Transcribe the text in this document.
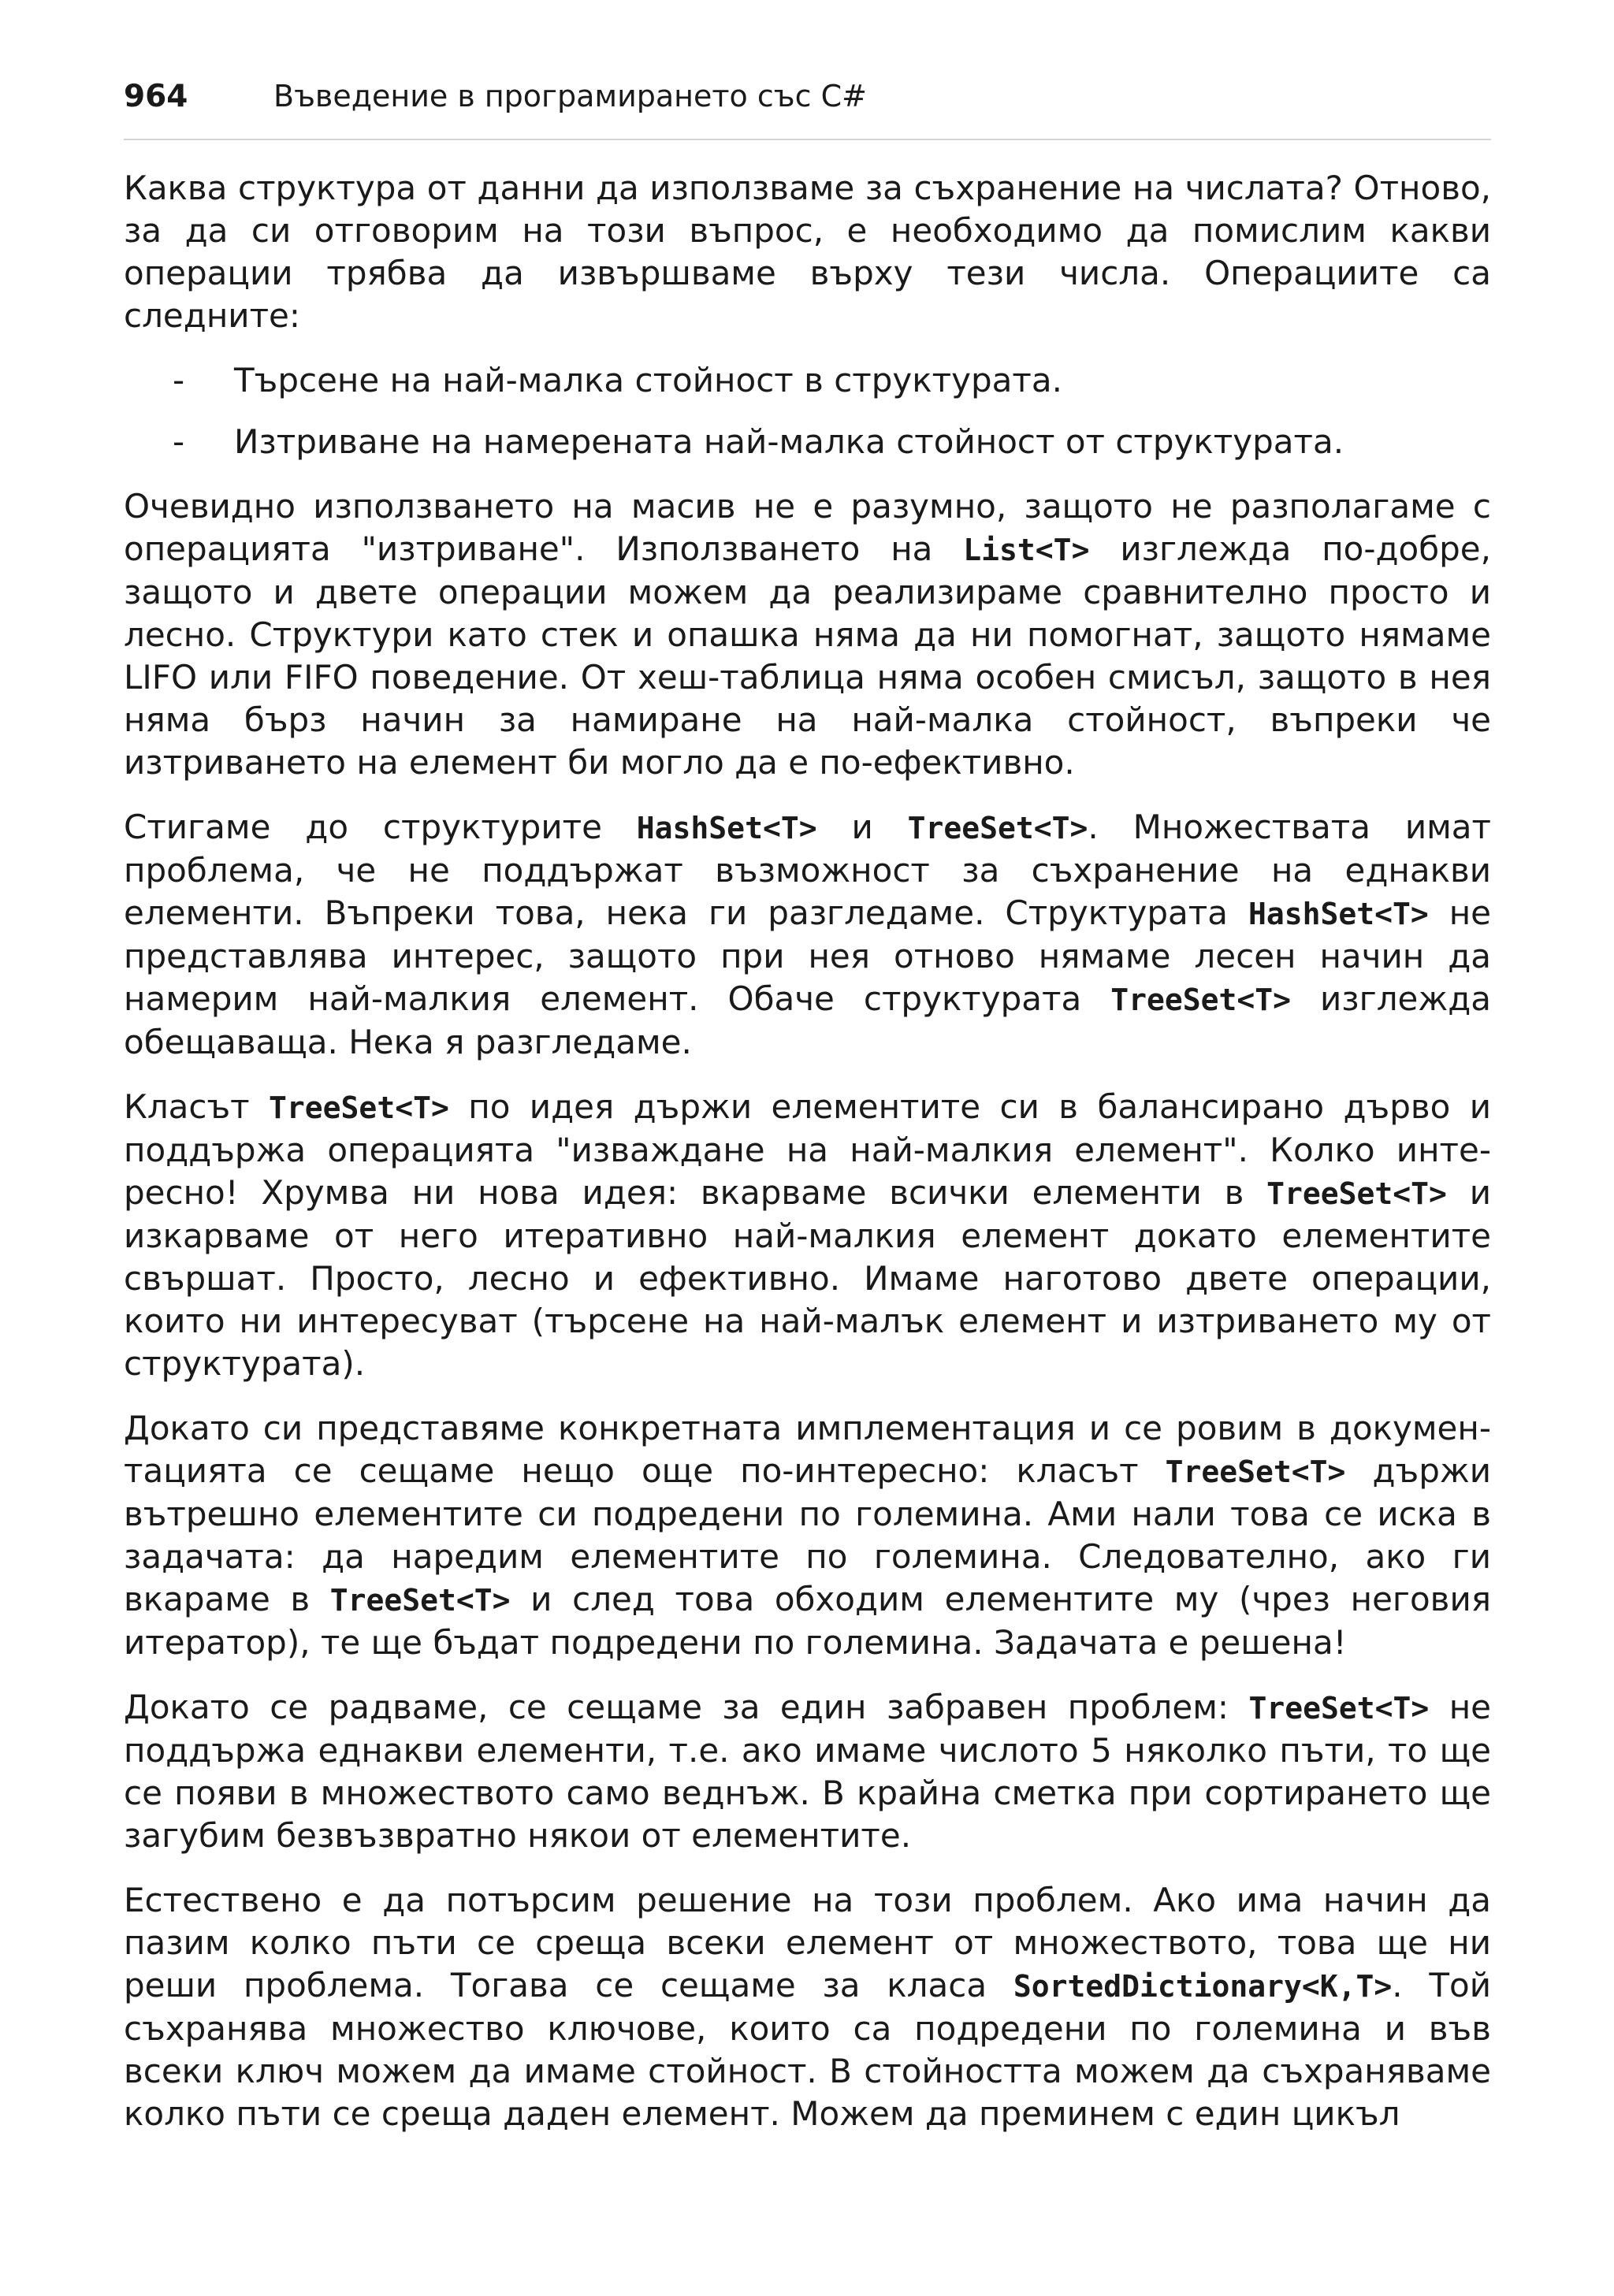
964	Въведение в програмирането със C#

Каква структура от данни да използваме за съхранение на числата? Отново, за да си отговорим на този въпрос, е необходимо да помислим какви операции трябва да извършваме върху тези числа. Операциите са следните:

- Търсене на най-малка стойност в структурата.
- Изтриване на намерената най-малка стойност от структурата.

Очевидно използването на масив не е разумно, защото не разполагаме с операцията "изтриване". Използването на List<T> изглежда по-добре, защото и двете операции можем да реализираме сравнително просто и лесно. Структури като стек и опашка няма да ни помогнат, защото нямаме LIFO или FIFO поведение. От хеш-таблица няма особен смисъл, защото в нея няма бърз начин за намиране на най-малка стойност, въпреки че изтриването на елемент би могло да е по-ефективно.

Стигаме до структурите HashSet<T> и TreeSet<T>. Множествата имат проблема, че не поддържат възможност за съхранение на еднакви елементи. Въпреки това, нека ги разгледаме. Структурата HashSet<T> не представлява интерес, защото при нея отново нямаме лесен начин да намерим най-малкия елемент. Обаче структурата TreeSet<T> изглежда обещаваща. Нека я разгледаме.

Класът TreeSet<T> по идея държи елементите си в балансирано дърво и поддържа операцията "изваждане на най-малкия елемент". Колко интересно! Хрумва ни нова идея: вкарваме всички елементи в TreeSet<T> и изкарваме от него итеративно най-малкия елемент докато елементите свършат. Просто, лесно и ефективно. Имаме наготово двете операции, които ни интересуват (търсене на най-малък елемент и изтриването му от структурата).

Докато си представяме конкретната имплементация и се ровим в документацията се сещаме нещо още по-интересно: класът TreeSet<T> държи вътрешно елементите си подредени по големина. Ами нали това се иска в задачата: да наредим елементите по големина. Следователно, ако ги вкараме в TreeSet<T> и след това обходим елементите му (чрез неговия итератор), те ще бъдат подредени по големина. Задачата е решена!

Докато се радваме, се сещаме за един забравен проблем: TreeSet<T> не поддържа еднакви елементи, т.е. ако имаме числото 5 няколко пъти, то ще се появи в множеството само веднъж. В крайна сметка при сортирането ще загубим безвъзвратно някои от елементите.

Естествено е да потърсим решение на този проблем. Ако има начин да пазим колко пъти се среща всеки елемент от множеството, това ще ни реши проблема. Тогава се сещаме за класа SortedDictionary<K,T>. Той съхранява множество ключове, които са подредени по големина и във всеки ключ можем да имаме стойност. В стойността можем да съхраняваме колко пъти се среща даден елемент. Можем да преминем с един цикъл
